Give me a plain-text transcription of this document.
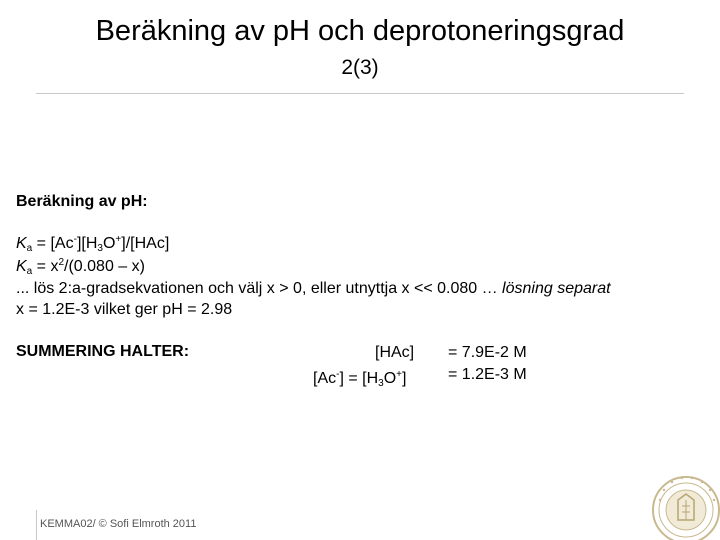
Beräkning av pH och deprotoneringsgrad
2(3)
Beräkning av pH:
$K_a = [Ac^-][H_3O^+]/[HAc]$
$K_a = x^2/(0.080 - x)$
... lös 2:a-gradsekvationen och välj x > 0, eller utnyttja x << 0.080 … lösning separat
x = 1.2E-3 vilket ger pH = 2.98
SUMMERING HALTER:	[HAc] = 7.9E-2 M
$[Ac^-] = [H_3O^+]$	= 1.2E-3 M
KEMMA02/ © Sofi Elmroth 2011
